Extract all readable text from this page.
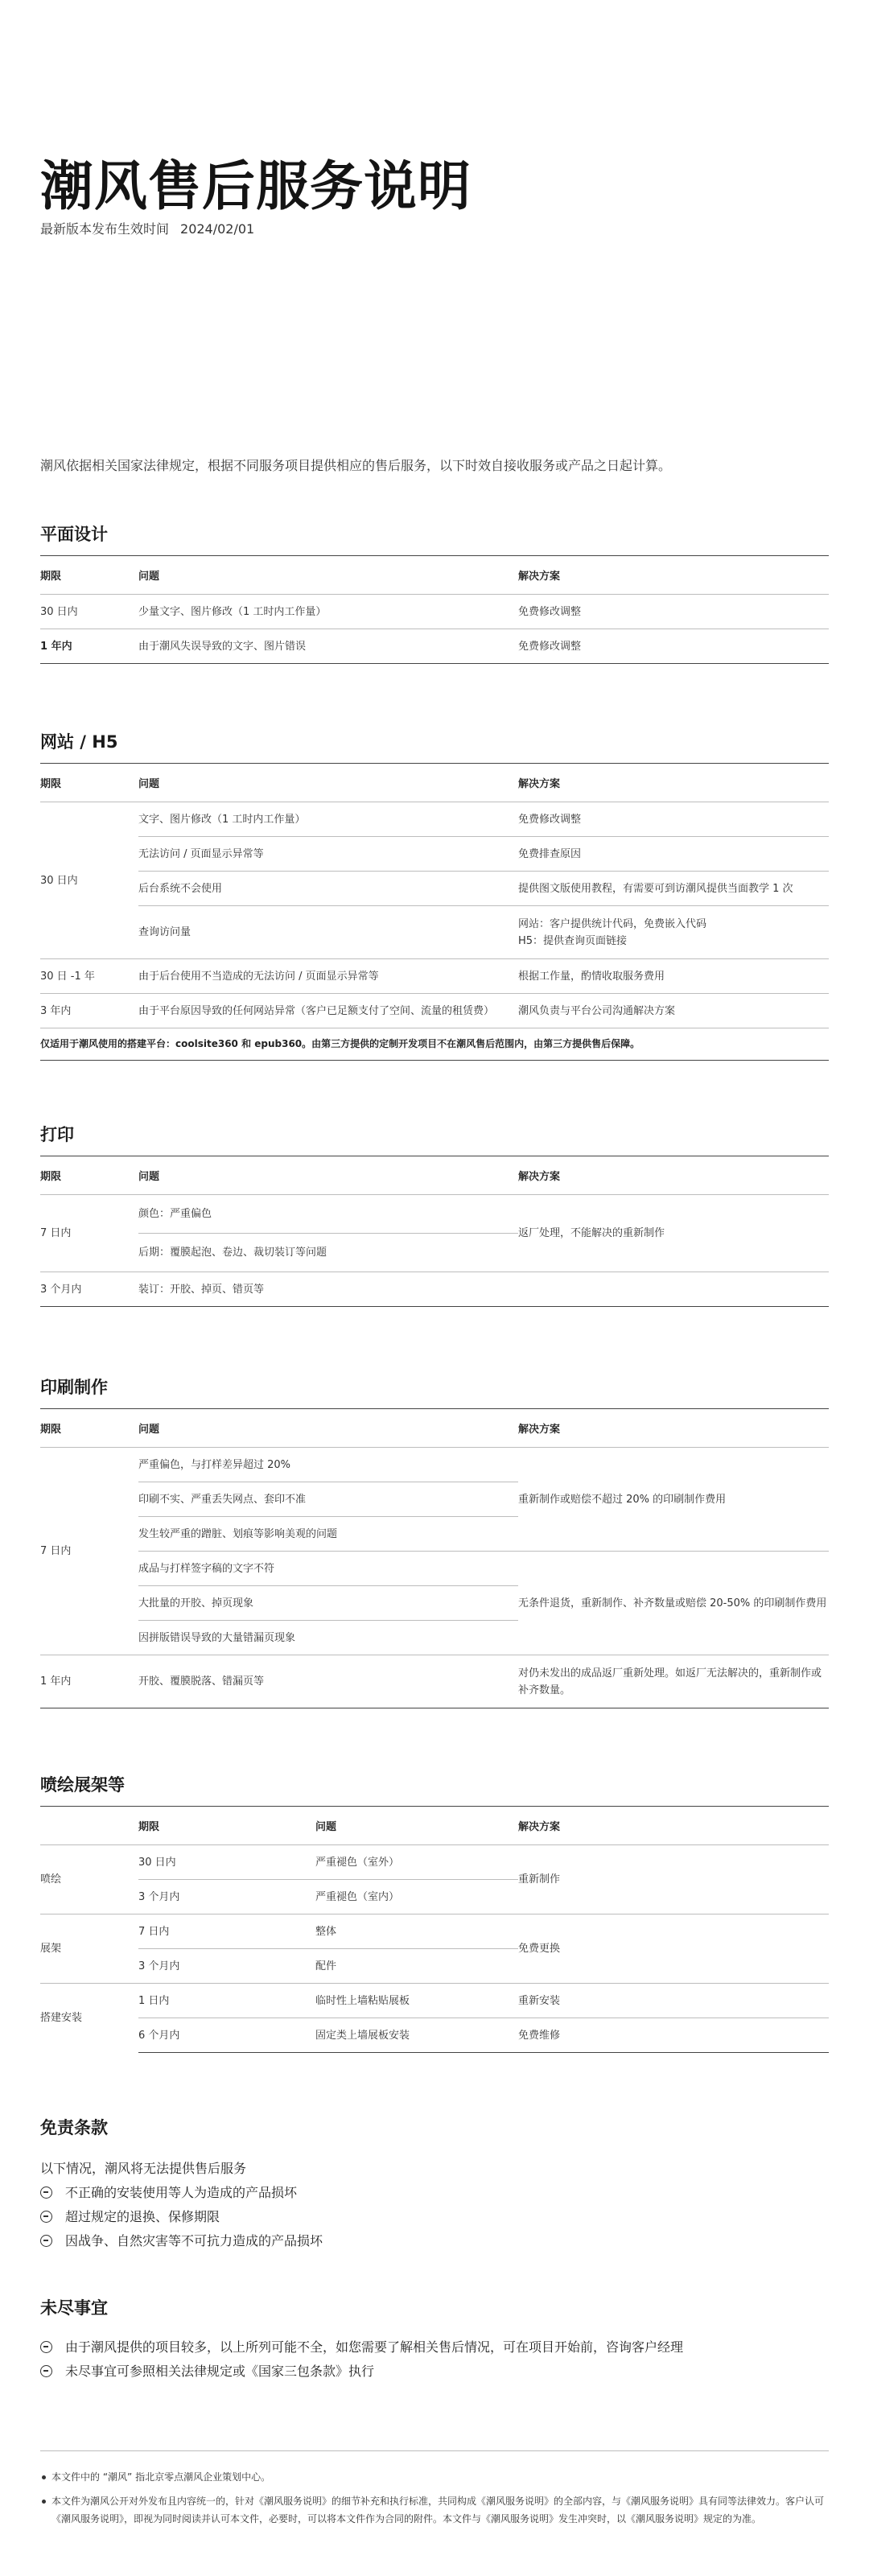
潮风售后服务说明
最新版本发布生效时间 2024/02/01

潮风依据相关国家法律规定，根据不同服务项目提供相应的售后服务，以下时效自接收服务或产品之日起计算。

平面设计
期限	问题	解决方案
30 日内	少量文字、图片修改（1 工时内工作量）	免费修改调整
1 年内	由于潮风失误导致的文字、图片错误	免费修改调整
网站 / H5
期限	问题	解决方案
30 日内	文字、图片修改（1 工时内工作量）	免费修改调整
	无法访问 / 页面显示异常等	免费排查原因
	后台系统不会使用	提供图文版使用教程，有需要可到访潮风提供当面教学 1 次
	查询访问量	网站：客户提供统计代码，免费嵌入代码
H5：提供查询页面链接

30 日 -1 年	由于后台使用不当造成的无法访问 / 页面显示异常等	根据工作量，酌情收取服务费用
3 年内	由于平台原因导致的任何网站异常（客户已足额支付了空间、流量的租赁费）	潮风负责与平台公司沟通解决方案
仅适用于潮风使用的搭建平台：coolsite360 和 epub360。由第三方提供的定制开发项目不在潮风售后范围内，由第三方提供售后保障。		
打印
期限	问题	解决方案
7 日内	颜色：严重偏色	返厂处理，不能解决的重新制作
	后期：覆膜起泡、卷边、裁切装订等问题	
3 个月内	装订：开胶、掉页、错页等	
印刷制作
期限	问题	解决方案
7 日内	严重偏色，与打样差异超过 20%	重新制作或赔偿不超过 20% 的印刷制作费用
	印刷不实、严重丢失网点、套印不准	
	发生较严重的蹭脏、划痕等影响美观的问题	
	成品与打样签字稿的文字不符	无条件退货，重新制作、补齐数量或赔偿 20-50% 的印刷制作费用
	大批量的开胶、掉页现象	
	因拼版错误导致的大量错漏页现象	
1 年内	开胶、覆膜脱落、错漏页等	对仍未发出的成品返厂重新处理。如返厂无法解决的，重新制作或
补齐数量。
喷绘展架等
	期限	问题	解决方案
喷绘	30 日内	严重褪色（室外）	重新制作
	3 个月内	严重褪色（室内）	
展架	7 日内	整体	免费更换
	3 个月内	配件	
搭建安装	1 日内	临时性上墙粘贴展板	重新安装
	6 个月内	固定类上墙展板安装	免费维修
免责条款
以下情况，潮风将无法提供售后服务
不正确的安装使用等人为造成的产品损坏
超过规定的退换、保修期限
因战争、自然灾害等不可抗力造成的产品损坏
未尽事宜
由于潮风提供的项目较多，以上所列可能不全，如您需要了解相关售后情况，可在项目开始前，咨询客户经理
未尽事宜可参照相关法律规定或《国家三包条款》执行

本文件中的 “潮风” 指北京零点潮风企业策划中心。

本文件为潮风公开对外发布且内容统一的，针对《潮风服务说明》的细节补充和执行标准，共同构成《潮风服务说明》的全部内容，与《潮风服务说明》具有同等法律效力。客户认可《潮风服务说明》，即视为同时阅读并认可本文件，必要时，可以将本文件作为合同的附件。本文件与《潮风服务说明》发生冲突时，以《潮风服务说明》规定的为准。
